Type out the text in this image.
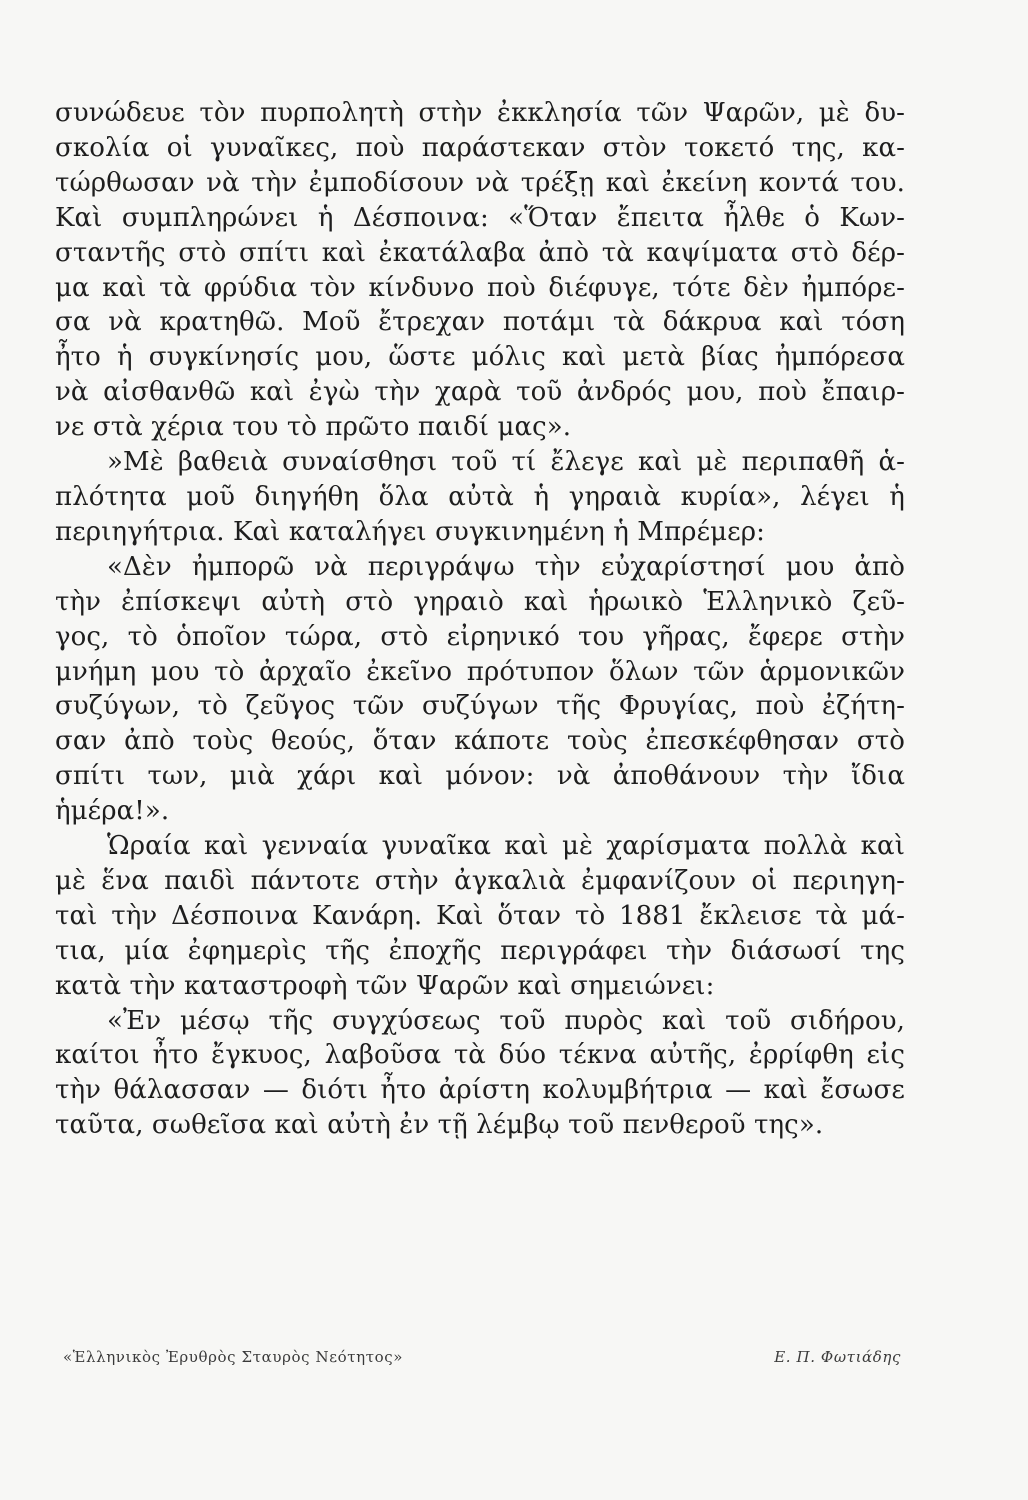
συνώδευε τὸν πυρπολητὴ στὴν ἐκκλησία τῶν Ψαρῶν, μὲ δυ-
σκολία οἱ γυναῖκες, ποὺ παράστεκαν στὸν τοκετό της, κα-
τώρθωσαν νὰ τὴν ἐμποδίσουν νὰ τρέξῃ καὶ ἐκείνη κοντά του.
Καὶ συμπληρώνει ἡ Δέσποινα: «Ὅταν ἔπειτα ἦλθε ὁ Κων-
σταντῆς στὸ σπίτι καὶ ἐκατάλαβα ἀπὸ τὰ καψίματα στὸ δέρ-
μα καὶ τὰ φρύδια τὸν κίνδυνο ποὺ διέφυγε, τότε δὲν ἠμπόρε-
σα νὰ κρατηθῶ. Μοῦ ἔτρεχαν ποτάμι τὰ δάκρυα καὶ τόση
ἦτο ἡ συγκίνησίς μου, ὥστε μόλις καὶ μετὰ βίας ἠμπόρεσα
νὰ αἰσθανθῶ καὶ ἐγὼ τὴν χαρὰ τοῦ ἀνδρός μου, ποὺ ἔπαιρ-
νε στὰ χέρια του τὸ πρῶτο παιδί μας».
»Μὲ βαθειὰ συναίσθησι τοῦ τί ἔλεγε καὶ μὲ περιπαθῆ ἁ-
πλότητα μοῦ διηγήθη ὅλα αὐτὰ ἡ γηραιὰ κυρία», λέγει ἡ
περιηγήτρια. Καὶ καταλήγει συγκινημένη ἡ Μπρέμερ:
«Δὲν ἠμπορῶ νὰ περιγράψω τὴν εὐχαρίστησί μου ἀπὸ
τὴν ἐπίσκεψι αὐτὴ στὸ γηραιὸ καὶ ἡρωικὸ Ἑλληνικὸ ζεῦ-
γος, τὸ ὁποῖον τώρα, στὸ εἰρηνικό του γῆρας, ἔφερε στὴν
μνήμη μου τὸ ἀρχαῖο ἐκεῖνο πρότυπον ὅλων τῶν ἁρμονικῶν
συζύγων, τὸ ζεῦγος τῶν συζύγων τῆς Φρυγίας, ποὺ ἐζήτη-
σαν ἀπὸ τοὺς θεούς, ὅταν κάποτε τοὺς ἐπεσκέφθησαν στὸ
σπίτι των, μιὰ χάρι καὶ μόνον: νὰ ἀποθάνουν τὴν ἴδια
ἡμέρα!».
Ὡραία καὶ γενναία γυναῖκα καὶ μὲ χαρίσματα πολλὰ καὶ
μὲ ἕνα παιδὶ πάντοτε στὴν ἀγκαλιὰ ἐμφανίζουν οἱ περιηγη-
ταὶ τὴν Δέσποινα Κανάρη. Καὶ ὅταν τὸ 1881 ἔκλεισε τὰ μά-
τια, μία ἐφημερὶς τῆς ἐποχῆς περιγράφει τὴν διάσωσί της
κατὰ τὴν καταστροφὴ τῶν Ψαρῶν καὶ σημειώνει:
«Ἐν μέσῳ τῆς συγχύσεως τοῦ πυρὸς καὶ τοῦ σιδήρου,
καίτοι ἦτο ἔγκυος, λαβοῦσα τὰ δύο τέκνα αὐτῆς, ἐρρίφθη εἰς
τὴν θάλασσαν — διότι ἦτο ἀρίστη κολυμβήτρια — καὶ ἔσωσε
ταῦτα, σωθεῖσα καὶ αὐτὴ ἐν τῇ λέμβῳ τοῦ πενθεροῦ της».
«Ἑλληνικὸς Ἐρυθρὸς Σταυρὸς Νεότητος»	Ε. Π. Φωτιάδης
